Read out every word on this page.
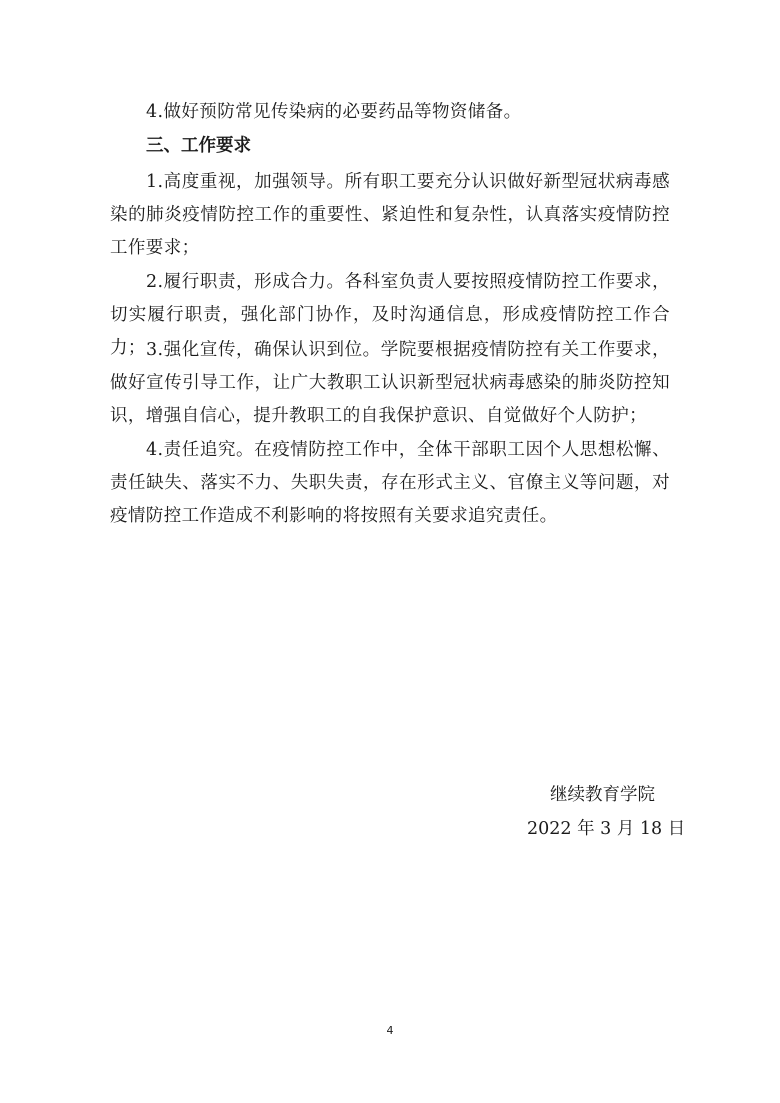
4.做好预防常见传染病的必要药品等物资储备。

三、工作要求

1.高度重视，加强领导。所有职工要充分认识做好新型冠状病毒感染的肺炎疫情防控工作的重要性、紧迫性和复杂性，认真落实疫情防控工作要求；

2.履行职责，形成合力。各科室负责人要按照疫情防控工作要求，切实履行职责，强化部门协作，及时沟通信息，形成疫情防控工作合力； 3.强化宣传，确保认识到位。学院要根据疫情防控有关工作要求，做好宣传引导工作，让广大教职工认识新型冠状病毒感染的肺炎防控知识，增强自信心，提升教职工的自我保护意识、自觉做好个人防护；

4.责任追究。在疫情防控工作中，全体干部职工因个人思想松懈、责任缺失、落实不力、失职失责，存在形式主义、官僚主义等问题，对疫情防控工作造成不利影响的将按照有关要求追究责任。

继续教育学院

2022 年 3 月 18 日

4
